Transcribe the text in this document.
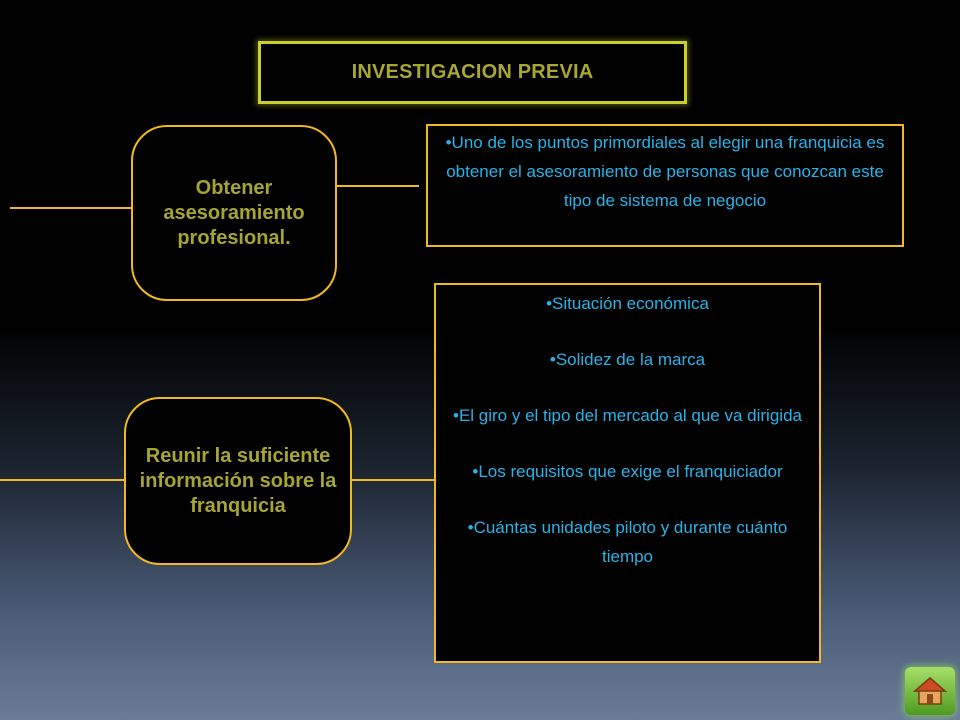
INVESTIGACION PREVIA
Obtener asesoramiento profesional.
Reunir la suficiente información sobre la franquicia

•Uno de los puntos primordiales al elegir una franquicia es obtener el asesoramiento de personas que conozcan este tipo de sistema de negocio

•Situación económica

•Solidez de la marca

•El giro y el tipo del mercado al que va dirigida

•Los requisitos que exige el franquiciador

•Cuántas unidades piloto y durante cuánto tiempo
